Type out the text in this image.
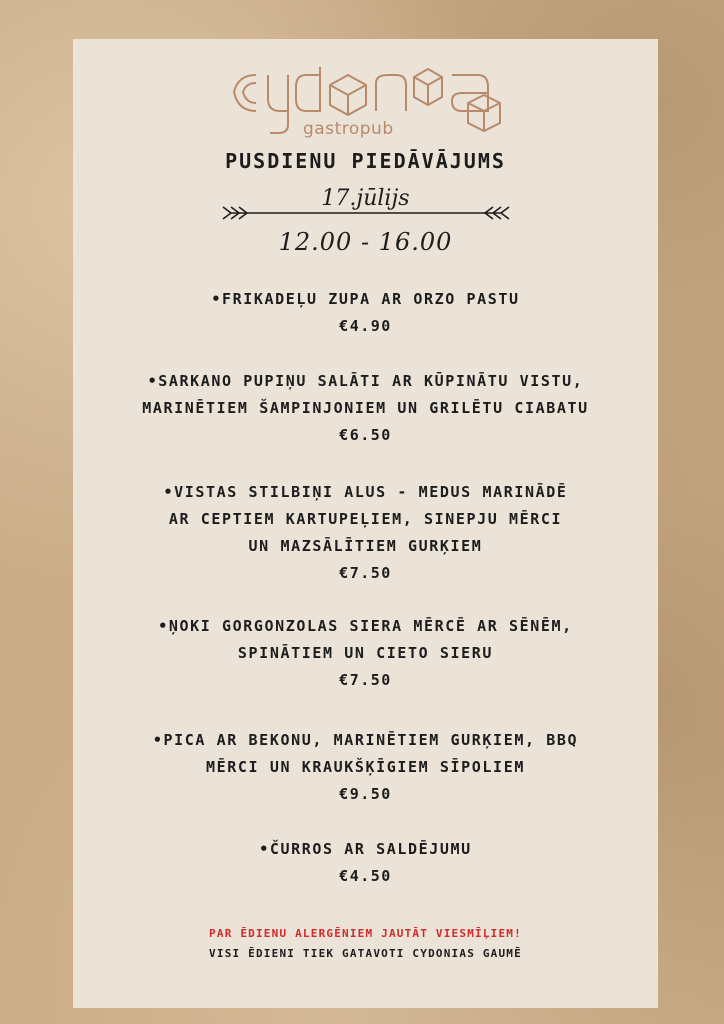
gastropub
PUSDIENU PIEDĀVĀJUMS
17.jūlijs
12.00 - 16.00
•FRIKADEĻU ZUPA AR ORZO PASTU
€4.90
•SARKANO PUPIŅU SALĀTI AR KŪPINĀTU VISTU,
MARINĒTIEM ŠAMPINJONIEM UN GRILĒTU CIABATU
€6.50
•VISTAS STILBIŅI ALUS - MEDUS MARINĀDĒ
AR CEPTIEM KARTUPEĻIEM, SINEPJU MĒRCI
UN MAZSĀLĪTIEM GURĶIEM
€7.50
•ŅOKI GORGONZOLAS SIERA MĒRCĒ AR SĒNĒM,
SPINĀTIEM UN CIETO SIERU
€7.50
•PICA AR BEKONU, MARINĒTIEM GURĶIEM, BBQ
MĒRCI UN KRAUKŠĶĪGIEM SĪPOLIEM
€9.50
•ČURROS AR SALDĒJUMU
€4.50
PAR ĒDIENU ALERGĒNIEM JAUTĀT VIESMĪĻIEM!
VISI ĒDIENI TIEK GATAVOTI CYDONIAS GAUMĒ
